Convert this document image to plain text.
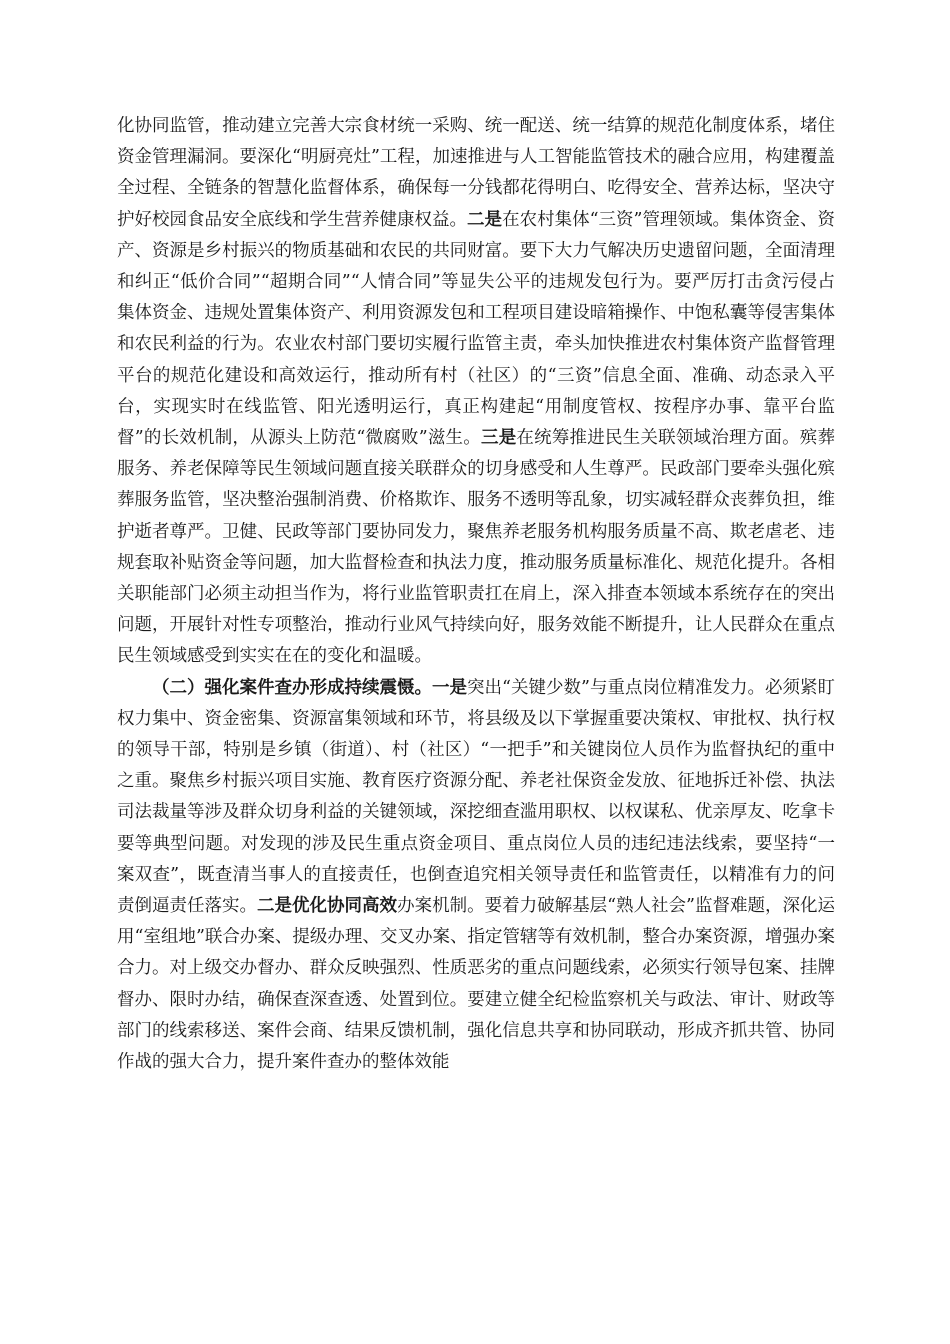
化协同监管，推动建立完善大宗食材统一采购、统一配送、统一结算的规范化制度体系，堵住资金管理漏洞。要深化“明厨亮灶”工程，加速推进与人工智能监管技术的融合应用，构建覆盖全过程、全链条的智慧化监督体系，确保每一分钱都花得明白、吃得安全、营养达标，坚决守护好校园食品安全底线和学生营养健康权益。二是在农村集体“三资”管理领域。集体资金、资产、资源是乡村振兴的物质基础和农民的共同财富。要下大力气解决历史遗留问题，全面清理和纠正“低价合同”“超期合同”“人情合同”等显失公平的违规发包行为。要严厉打击贪污侵占集体资金、违规处置集体资产、利用资源发包和工程项目建设暗箱操作、中饱私囊等侵害集体和农民利益的行为。农业农村部门要切实履行监管主责，牵头加快推进农村集体资产监督管理平台的规范化建设和高效运行，推动所有村（社区）的“三资”信息全面、准确、动态录入平台，实现实时在线监管、阳光透明运行，真正构建起“用制度管权、按程序办事、靠平台监督”的长效机制，从源头上防范“微腐败”滋生。三是在统筹推进民生关联领域治理方面。殡葬服务、养老保障等民生领域问题直接关联群众的切身感受和人生尊严。民政部门要牵头强化殡葬服务监管，坚决整治强制消费、价格欺诈、服务不透明等乱象，切实减轻群众丧葬负担，维护逝者尊严。卫健、民政等部门要协同发力，聚焦养老服务机构服务质量不高、欺老虐老、违规套取补贴资金等问题，加大监督检查和执法力度，推动服务质量标准化、规范化提升。各相关职能部门必须主动担当作为，将行业监管职责扛在肩上，深入排查本领域本系统存在的突出问题，开展针对性专项整治，推动行业风气持续向好，服务效能不断提升，让人民群众在重点民生领域感受到实实在在的变化和温暖。

（二）强化案件查办形成持续震慑。一是突出“关键少数”与重点岗位精准发力。必须紧盯权力集中、资金密集、资源富集领域和环节，将县级及以下掌握重要决策权、审批权、执行权的领导干部，特别是乡镇（街道）、村（社区）“一把手”和关键岗位人员作为监督执纪的重中之重。聚焦乡村振兴项目实施、教育医疗资源分配、养老社保资金发放、征地拆迁补偿、执法司法裁量等涉及群众切身利益的关键领域，深挖细查滥用职权、以权谋私、优亲厚友、吃拿卡要等典型问题。对发现的涉及民生重点资金项目、重点岗位人员的违纪违法线索，要坚持“一案双查”，既查清当事人的直接责任，也倒查追究相关领导责任和监管责任，以精准有力的问责倒逼责任落实。二是优化协同高效办案机制。要着力破解基层“熟人社会”监督难题，深化运用“室组地”联合办案、提级办理、交叉办案、指定管辖等有效机制，整合办案资源，增强办案合力。对上级交办督办、群众反映强烈、性质恶劣的重点问题线索，必须实行领导包案、挂牌督办、限时办结，确保查深查透、处置到位。要建立健全纪检监察机关与政法、审计、财政等部门的线索移送、案件会商、结果反馈机制，强化信息共享和协同联动，形成齐抓共管、协同作战的强大合力，提升案件查办的整体效能
